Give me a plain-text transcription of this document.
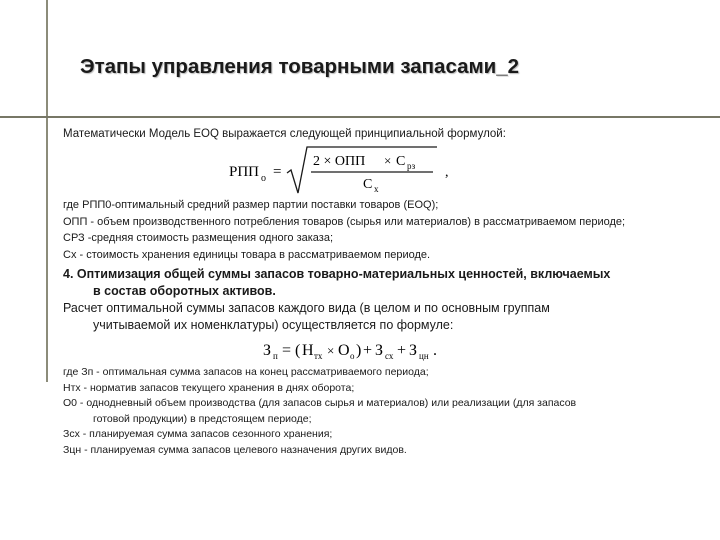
Этапы управления товарными запасами_2

Математически Модель EOQ выражается следующей принципиальной формулой:

РПП о =
2 × ОПП × С рз
С х
,

где РПП0-оптимальный средний размер партии поставки товаров (EOQ);

ОПП - объем производственного потребления товаров (сырья или материалов) в рассматриваемом периоде;

СРЗ -средняя стоимость размещения одного заказа;

Сх - стоимость хранения единицы товара в рассматриваемом периоде.

4. Оптимизация общей суммы запасов товарно-материальных ценностей, включаемых

в состав оборотных активов.

Расчет оптимальной суммы запасов каждого вида (в целом и по основным группам

учитываемой их номенклатуры) осуществляется по формуле:

З п = ( Н тх × О о ) + З сх + З цн .

где Зп - оптимальная сумма запасов на конец рассматриваемого периода;

Нтх - норматив запасов текущего хранения в днях оборота;

О0 - однодневный объем производства (для запасов сырья и материалов) или реализации (для запасов

готовой продукции) в предстоящем периоде;

Зсх - планируемая сумма запасов сезонного хранения;

Зцн - планируемая сумма запасов целевого назначения других видов.
